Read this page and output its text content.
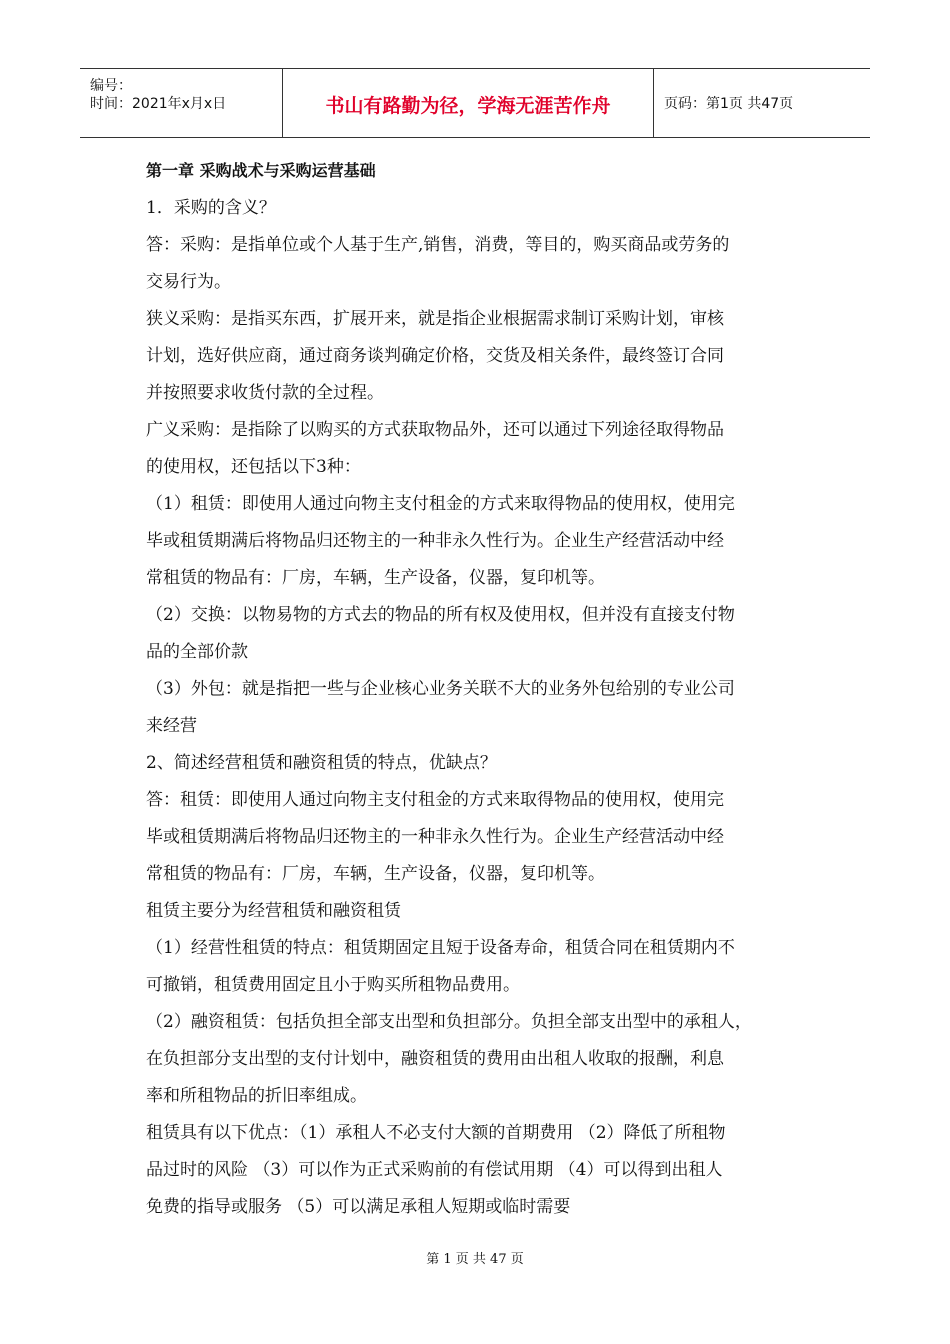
编号：
时间：2021年x月x日	书山有路勤为径，学海无涯苦作舟	页码：第1页 共47页
第一章 采购战术与采购运营基础
1．采购的含义？
答：采购：是指单位或个人基于生产,销售，消费，等目的，购买商品或劳务的
交易行为。
狭义采购：是指买东西，扩展开来，就是指企业根据需求制订采购计划，审核
计划，选好供应商，通过商务谈判确定价格，交货及相关条件，最终签订合同
并按照要求收货付款的全过程。
广义采购：是指除了以购买的方式获取物品外，还可以通过下列途径取得物品
的使用权，还包括以下3种：
（1）租赁：即使用人通过向物主支付租金的方式来取得物品的使用权，使用完
毕或租赁期满后将物品归还物主的一种非永久性行为。企业生产经营活动中经
常租赁的物品有：厂房，车辆，生产设备，仪器，复印机等。
（2）交换：以物易物的方式去的物品的所有权及使用权，但并没有直接支付物
品的全部价款
（3）外包：就是指把一些与企业核心业务关联不大的业务外包给别的专业公司
来经营
2、简述经营租赁和融资租赁的特点，优缺点？
答：租赁：即使用人通过向物主支付租金的方式来取得物品的使用权，使用完
毕或租赁期满后将物品归还物主的一种非永久性行为。企业生产经营活动中经
常租赁的物品有：厂房，车辆，生产设备，仪器，复印机等。
租赁主要分为经营租赁和融资租赁
（1）经营性租赁的特点：租赁期固定且短于设备寿命，租赁合同在租赁期内不
可撤销，租赁费用固定且小于购买所租物品费用。
（2）融资租赁：包括负担全部支出型和负担部分。负担全部支出型中的承租人，
在负担部分支出型的支付计划中，融资租赁的费用由出租人收取的报酬，利息
率和所租物品的折旧率组成。
租赁具有以下优点：（1）承租人不必支付大额的首期费用 （2）降低了所租物
品过时的风险 （3）可以作为正式采购前的有偿试用期 （4）可以得到出租人
免费的指导或服务 （5）可以满足承租人短期或临时需要
第 1 页 共 47 页
